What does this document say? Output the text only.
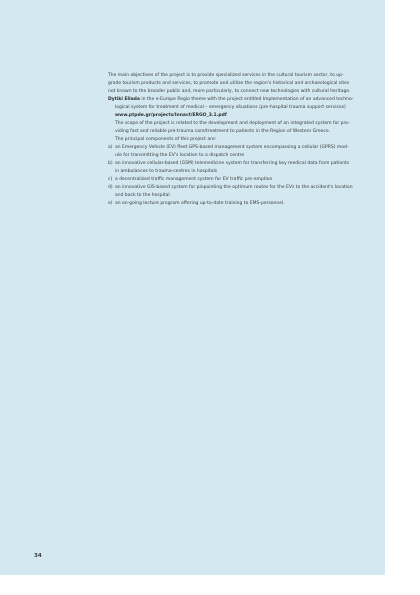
The main objectives of the project is to provide specialized services in the cultural tourism sector, to up-
grade tourism products and services, to promote and utilize the region's historical and archaeological sites
not known to the broader public and, more particularly, to connect new technologies with cultural heritage.

Dytiki Ellada in the e-Europe Regio theme with the project entitled Implementation of an advanced techno-
logical system for treatment of medical – emergency situations (pre-hospital trauma support services)

www.ptpde.gr/projects/Innact/ERGO_3.1.pdf

The scope of the project is related to the development and deployment of an integrated system for pro-
viding fast and reliable pre-trauma care/treatment to patients in the Region of Western Greece.

The principal components of this project are:

a) an Emergency Vehicle (EV) fleet GPS-based management system encompassing a cellular (GPRS) mod-
ule for transmitting the EV's location to a dispatch centre
b) an innovative cellular-based (GSM) telemedicine system for transferring key medical data from patients
in ambulances to trauma-centres in hospitals
c) a decentralized traffic management system for EV traffic pre-emption
d) an innovative GIS-based system for pinpointing the optimum routes for the EVs to the accident's location
and back to the hospital
e) an on-going lecture program offering up-to-date training to EMS-personnel.
34
